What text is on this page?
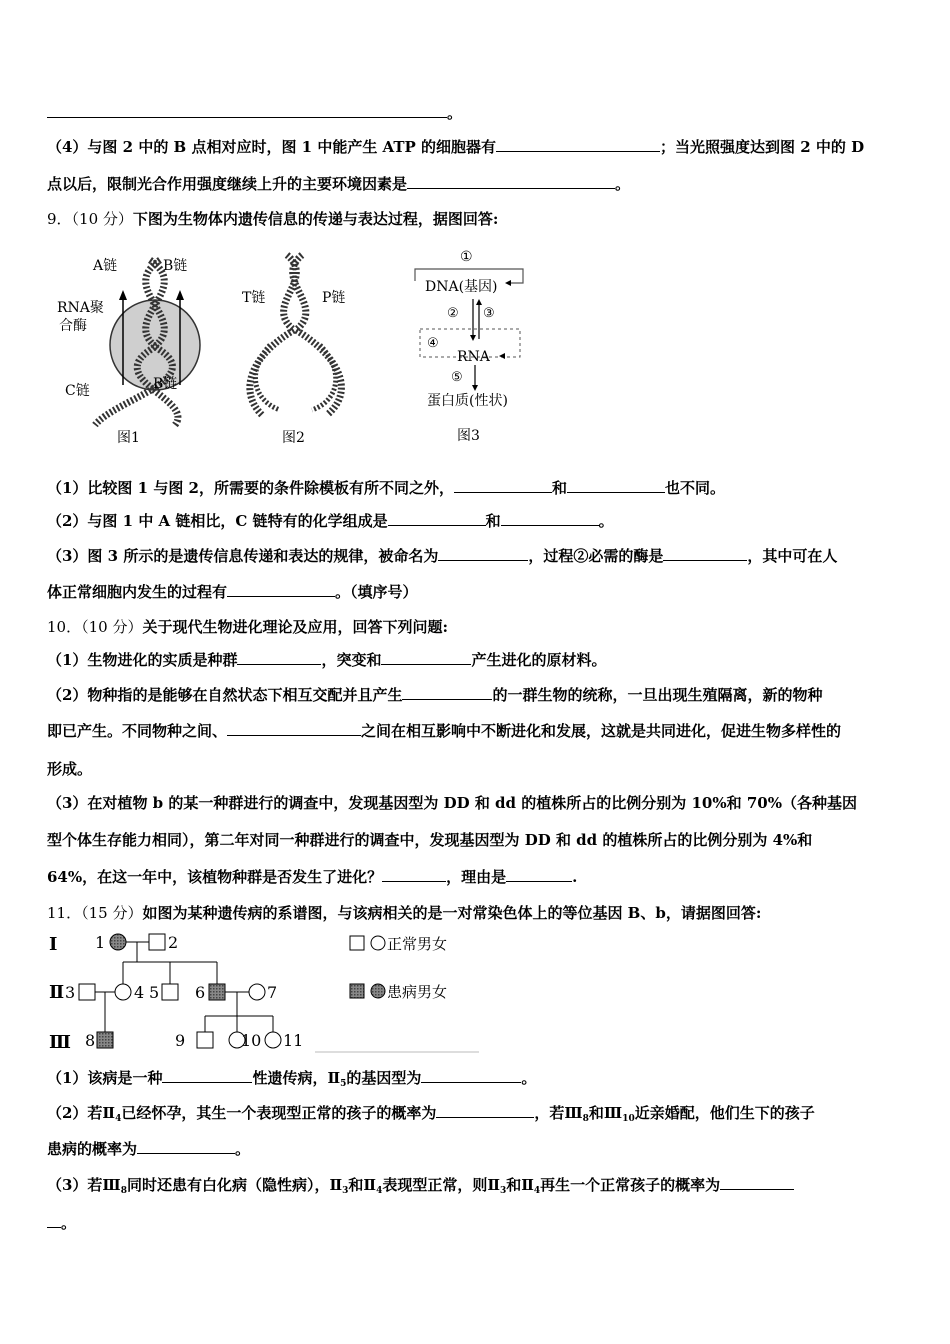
。
（4）与图 2 中的 B 点相对应时，图 1 中能产生 ATP 的细胞器有	；当光照强度达到图 2 中的 D
点以后，限制光合作用强度继续上升的主要环境因素是	。
9．（10 分）下图为生物体内遗传信息的传递与表达过程，据图回答:
A链	B链
RNA聚
合酶
C链	B链
图1
T链	P链
图2
①
DNA(基因)
② ③
④
RNA
⑤
蛋白质(性状)
图3
（1）比较图 1 与图 2，所需要的条件除模板有所不同之外，	和	也不同。
（2）与图 1 中 A 链相比，C 链特有的化学组成是	和	。
（3）图 3 所示的是遗传信息传递和表达的规律，被命名为	，过程②必需的酶是	，其中可在人
体正常细胞内发生的过程有	。（填序号）
10．（10 分）关于现代生物进化理论及应用，回答下列问题:
（1）生物进化的实质是种群	，突变和	产生进化的原材料。
（2）物种指的是能够在自然状态下相互交配并且产生	的一群生物的统称，一旦出现生殖隔离，新的物种
即已产生。不同物种之间、	之间在相互影响中不断进化和发展，这就是共同进化，促进生物多样性的
形成。
（3）在对植物 b 的某一种群进行的调查中，发现基因型为 DD 和 dd 的植株所占的比例分别为 10%和 70%（各种基因
型个体生存能力相同），第二年对同一种群进行的调查中，发现基因型为 DD 和 dd 的植株所占的比例分别为 4%和
64%，在这一年中，该植物种群是否发生了进化？	，理由是	.
11．（15 分）如图为某种遗传病的系谱图，与该病相关的是一对常染色体上的等位基因 B、b，请据图回答:
Ⅰ
Ⅱ
Ⅲ
1	2
3	4 5 6	7
8	9	10 11
正常男女
患病男女
（1）该病是一种	性遗传病，$Ⅱ_5$的基因型为	。
（2）若$Ⅱ_4$已经怀孕，其生一个表现型正常的孩子的概率为	，若$Ⅲ_8$和$Ⅲ_{10}$近亲婚配，他们生下的孩子
患病的概率为	。
（3）若$Ⅲ_8$同时还患有白化病（隐性病），$Ⅱ_3$和$Ⅱ_4$表现型正常，则$Ⅱ_3$和$Ⅱ_4$再生一个正常孩子的概率为
。
